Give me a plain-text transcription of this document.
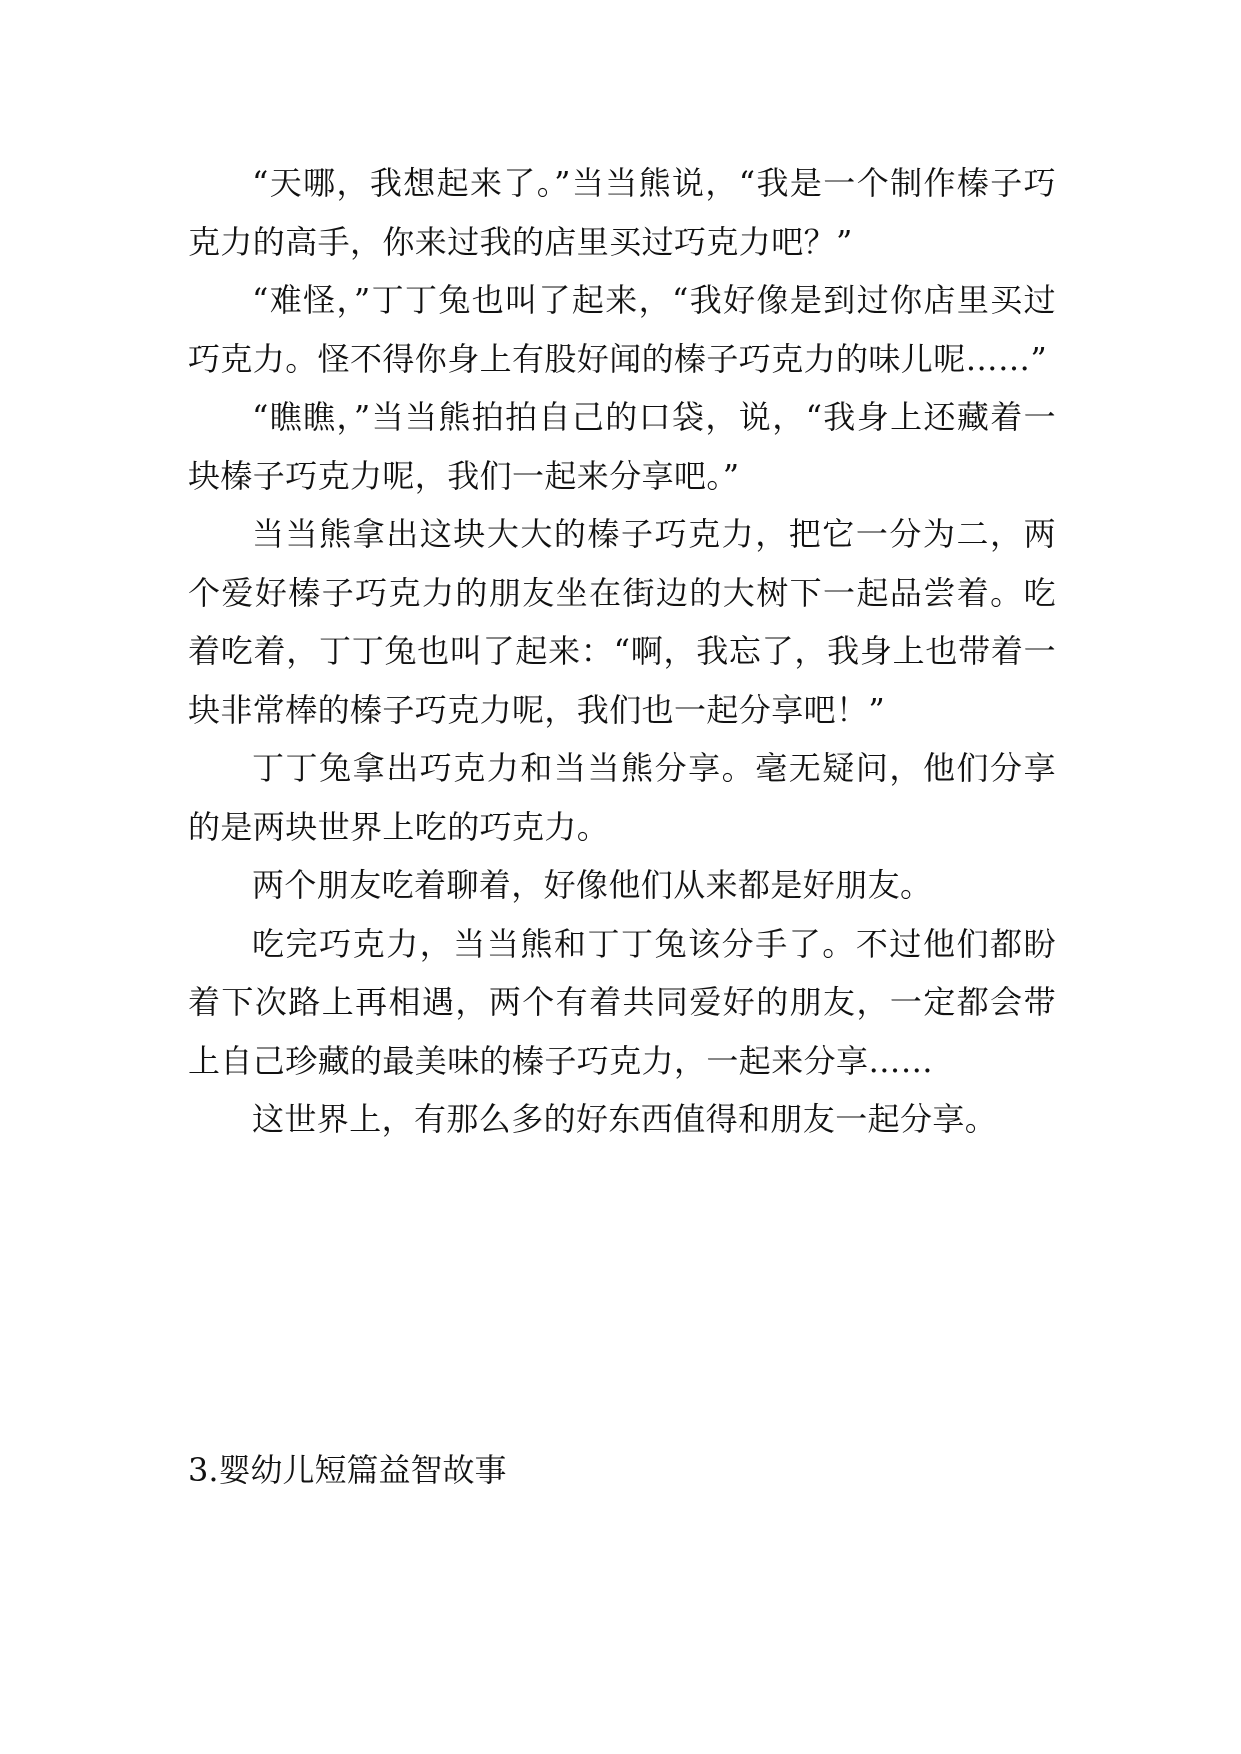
“天哪，我想起来了。”当当熊说，“我是一个制作榛子巧克力的高手，你来过我的店里买过巧克力吧？”

“难怪，”丁丁兔也叫了起来，“我好像是到过你店里买过巧克力。怪不得你身上有股好闻的榛子巧克力的味儿呢……”

“瞧瞧，”当当熊拍拍自己的口袋，说，“我身上还藏着一块榛子巧克力呢，我们一起来分享吧。”

当当熊拿出这块大大的榛子巧克力，把它一分为二，两个爱好榛子巧克力的朋友坐在街边的大树下一起品尝着。吃着吃着，丁丁兔也叫了起来：“啊，我忘了，我身上也带着一块非常棒的榛子巧克力呢，我们也一起分享吧！”

丁丁兔拿出巧克力和当当熊分享。毫无疑问，他们分享的是两块世界上吃的巧克力。

两个朋友吃着聊着，好像他们从来都是好朋友。

吃完巧克力，当当熊和丁丁兔该分手了。不过他们都盼着下次路上再相遇，两个有着共同爱好的朋友，一定都会带上自己珍藏的最美味的榛子巧克力，一起来分享……

这世界上，有那么多的好东西值得和朋友一起分享。

3.婴幼儿短篇益智故事
